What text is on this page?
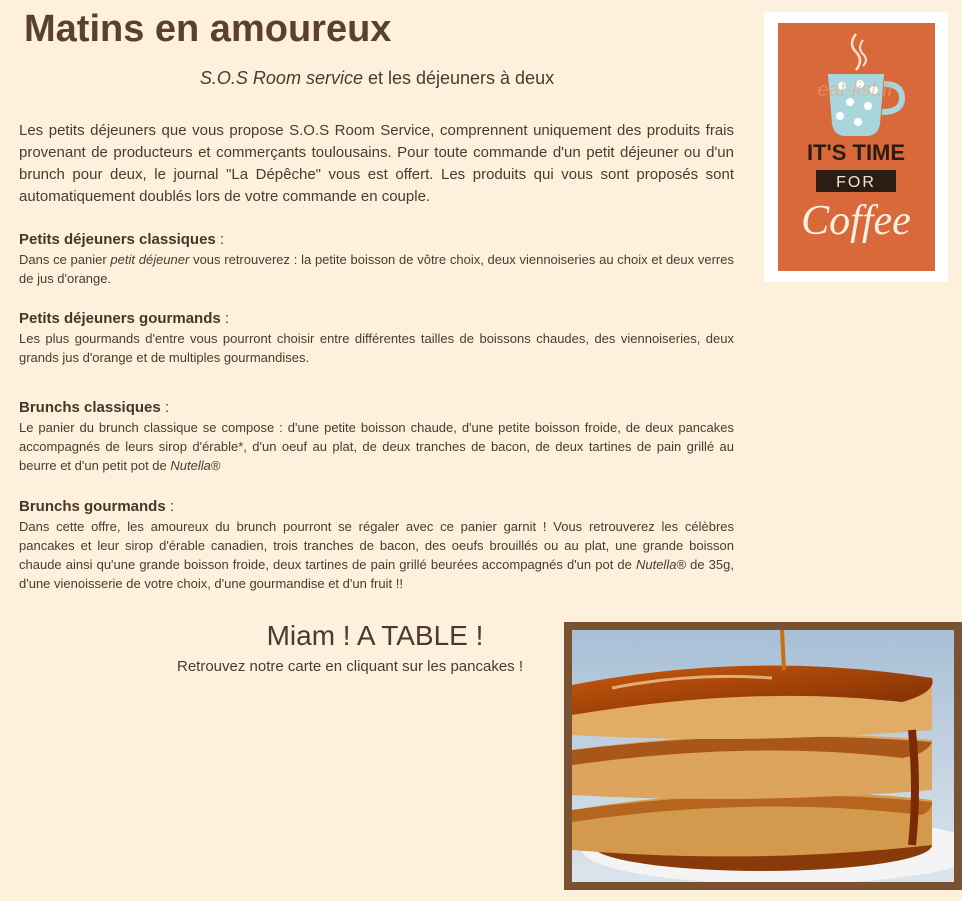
Matins en amoureux
S.O.S Room service et les déjeuners à deux
Les petits déjeuners que vous propose S.O.S Room Service, comprennent uniquement des produits frais provenant de producteurs et commerçants toulousains. Pour toute commande d'un petit déjeuner ou d'un brunch pour deux, le journal "La Dépêche" vous est offert. Les produits qui vous sont proposés sont automatiquement doublés lors de votre commande en couple.
Petits déjeuners classiques :
Dans ce panier petit déjeuner vous retrouverez : la petite boisson de vôtre choix, deux viennoiseries au choix et deux verres de jus d'orange.
Petits déjeuners gourmands :
Les plus gourmands d'entre vous pourront choisir entre différentes tailles de boissons chaudes, des viennoiseries, deux grands jus d'orange et de multiples gourmandises.
Brunchs classiques :
Le panier du brunch classique se compose : d'une petite boisson chaude, d'une petite boisson froide, de deux pancakes accompagnés de leurs sirop d'érable*, d'un oeuf au plat, de deux tranches de bacon, de deux tartines de pain grillé au beurre et d'un petit pot de Nutella®
Brunchs gourmands :
Dans cette offre, les amoureux du brunch pourront se régaler avec ce panier garnit ! Vous retrouverez les célèbres pancakes et leur sirop d'érable canadien, trois tranches de bacon, des oeufs brouillés ou au plat, une grande boisson chaude ainsi qu'une grande boisson froide, deux tartines de pain grillé beurées accompagnés d'un pot de Nutella® de 35g, d'une vienoisserie de votre choix, d'une gourmandise et d'un fruit !!
Miam ! A TABLE !
Retrouvez notre carte en cliquant sur les pancakes !
eat-list.fr
IT'S TIME
FOR
Coffee
